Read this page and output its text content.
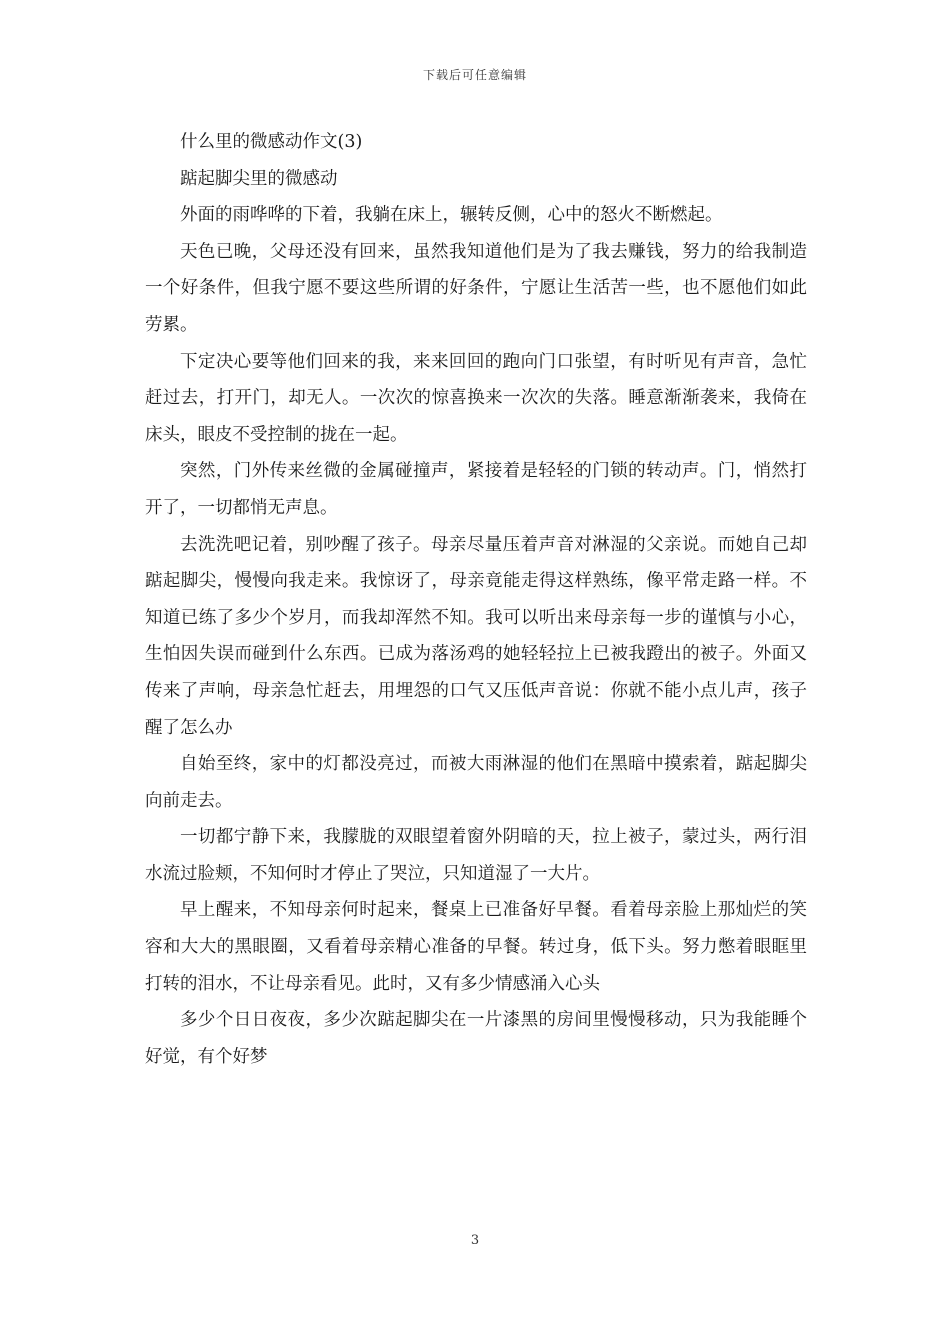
下载后可任意编辑

什么里的微感动作文(3)

踮起脚尖里的微感动

外面的雨哗哗的下着，我躺在床上，辗转反侧，心中的怒火不断燃起。

天色已晚，父母还没有回来，虽然我知道他们是为了我去赚钱，努力的给我制造一个好条件，但我宁愿不要这些所谓的好条件，宁愿让生活苦一些，也不愿他们如此劳累。

下定决心要等他们回来的我，来来回回的跑向门口张望，有时听见有声音，急忙赶过去，打开门，却无人。一次次的惊喜换来一次次的失落。睡意渐渐袭来，我倚在床头，眼皮不受控制的拢在一起。

突然，门外传来丝微的金属碰撞声，紧接着是轻轻的门锁的转动声。门，悄然打开了，一切都悄无声息。

去洗洗吧记着，别吵醒了孩子。母亲尽量压着声音对淋湿的父亲说。而她自己却踮起脚尖，慢慢向我走来。我惊讶了，母亲竟能走得这样熟练，像平常走路一样。不知道已练了多少个岁月，而我却浑然不知。我可以听出来母亲每一步的谨慎与小心，生怕因失误而碰到什么东西。已成为落汤鸡的她轻轻拉上已被我蹬出的被子。外面又传来了声响，母亲急忙赶去，用埋怨的口气又压低声音说：你就不能小点儿声，孩子醒了怎么办

自始至终，家中的灯都没亮过，而被大雨淋湿的他们在黑暗中摸索着，踮起脚尖向前走去。

一切都宁静下来，我朦胧的双眼望着窗外阴暗的天，拉上被子，蒙过头，两行泪水流过脸颊，不知何时才停止了哭泣，只知道湿了一大片。

早上醒来，不知母亲何时起来，餐桌上已准备好早餐。看着母亲脸上那灿烂的笑容和大大的黑眼圈，又看着母亲精心准备的早餐。转过身，低下头。努力憋着眼眶里打转的泪水，不让母亲看见。此时，又有多少情感涌入心头

多少个日日夜夜，多少次踮起脚尖在一片漆黑的房间里慢慢移动，只为我能睡个好觉，有个好梦

3
